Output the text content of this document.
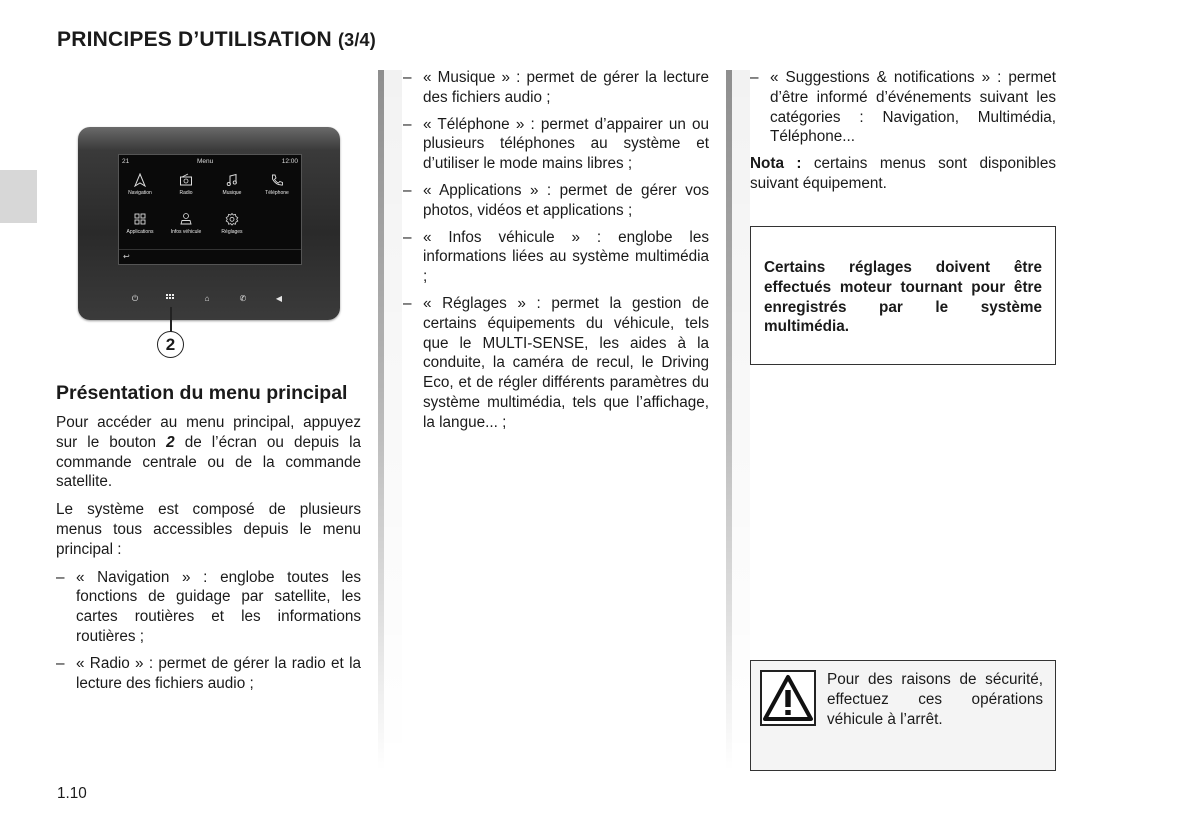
PRINCIPES D’UTILISATION (3/4)
21	Menu	12:00
Navigation	Radio	Musique	Téléphone
Applications	Infos véhicule	Réglages
↩
⏻	⌂	✆	◀
2
Présentation du menu principal

Pour accéder au menu principal, appuyez sur le bouton 2 de l’écran ou depuis la commande centrale ou de la commande satellite.

Le système est composé de plusieurs menus tous accessibles depuis le menu principal :

– « Navigation » : englobe toutes les fonctions de guidage par satellite, les cartes routières et les informations routières ;
– « Radio » : permet de gérer la radio et la lecture des fichiers audio ;
– « Musique » : permet de gérer la lecture des fichiers audio ;
– « Téléphone » : permet d’appairer un ou plusieurs téléphones au système et d’utiliser le mode mains libres ;
– « Applications » : permet de gérer vos photos, vidéos et applications ;
– « Infos véhicule » : englobe les informations liées au système multimédia ;
– « Réglages » : permet la gestion de certains équipements du véhicule, tels que le MULTI-SENSE, les aides à la conduite, la caméra de recul, le Driving Eco, et de régler différents paramètres du système multimédia, tels que l’affichage, la langue... ;
– « Suggestions & notifications » : permet d’être informé d’événements suivant les catégories : Navigation, Multimédia, Téléphone...

Nota : certains menus sont disponibles suivant équipement.

Certains réglages doivent être effectués moteur tournant pour être enregistrés par le système multimédia.

Pour des raisons de sécurité, effectuez ces opérations véhicule à l’arrêt.

1.10
